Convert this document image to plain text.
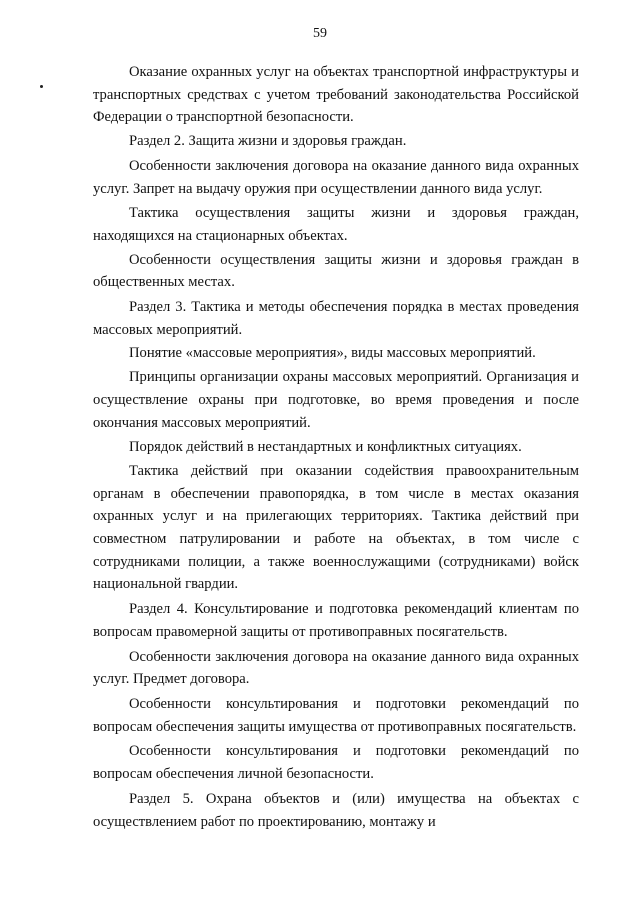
59

Оказание охранных услуг на объектах транспортной инфраструктуры и транспортных средствах с учетом требований законодательства Российской Федерации о транспортной безопасности.

Раздел 2. Защита жизни и здоровья граждан.

Особенности заключения договора на оказание данного вида охранных услуг. Запрет на выдачу оружия при осуществлении данного вида услуг.

Тактика осуществления защиты жизни и здоровья граждан, находящихся на стационарных объектах.

Особенности осуществления защиты жизни и здоровья граждан в общественных местах.

Раздел 3. Тактика и методы обеспечения порядка в местах проведения массовых мероприятий.

Понятие «массовые мероприятия», виды массовых мероприятий.

Принципы организации охраны массовых мероприятий. Организация и осуществление охраны при подготовке, во время проведения и после окончания массовых мероприятий.

Порядок действий в нестандартных и конфликтных ситуациях.

Тактика действий при оказании содействия правоохранительным органам в обеспечении правопорядка, в том числе в местах оказания охранных услуг и на прилегающих территориях. Тактика действий при совместном патрулировании и работе на объектах, в том числе с сотрудниками полиции, а также военнослужащими (сотрудниками) войск национальной гвардии.

Раздел 4. Консультирование и подготовка рекомендаций клиентам по вопросам правомерной защиты от противоправных посягательств.

Особенности заключения договора на оказание данного вида охранных услуг. Предмет договора.

Особенности консультирования и подготовки рекомендаций по вопросам обеспечения защиты имущества от противоправных посягательств.

Особенности консультирования и подготовки рекомендаций по вопросам обеспечения личной безопасности.

Раздел 5. Охрана объектов и (или) имущества на объектах с осуществлением работ по проектированию, монтажу и
